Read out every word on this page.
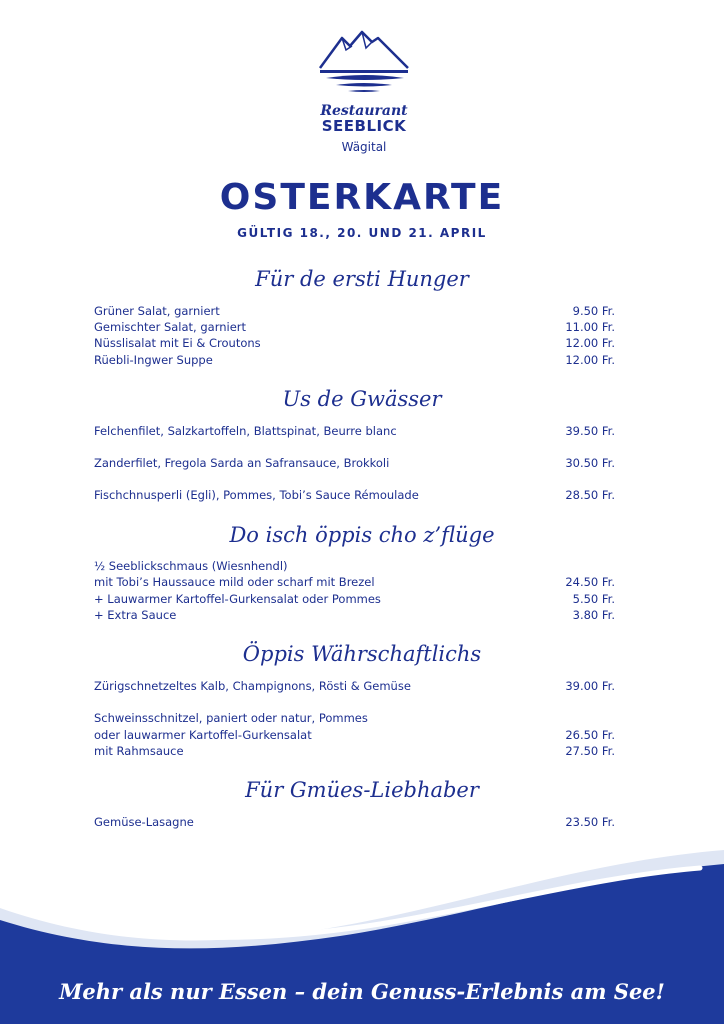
Restaurant
SEEBLICK
Wägital
OSTERKARTE
GÜLTIG 18., 20. UND 21. APRIL
Für de ersti Hunger
Grüner Salat, garniert	9.50 Fr.
Gemischter Salat, garniert	11.00 Fr.
Nüsslisalat mit Ei & Croutons	12.00 Fr.
Rüebli-Ingwer Suppe	12.00 Fr.
Us de Gwässer
Felchenfilet, Salzkartoffeln, Blattspinat, Beurre blanc	39.50 Fr.
Zanderfilet, Fregola Sarda an Safransauce, Brokkoli	30.50 Fr.
Fischchnusperli (Egli), Pommes, Tobi’s Sauce Rémoulade	28.50 Fr.
Do isch öppis cho z’flüge
½ Seeblickschmaus (Wiesnhendl)
mit Tobi’s Haussauce mild oder scharf mit Brezel	24.50 Fr.
+ Lauwarmer Kartoffel-Gurkensalat oder Pommes	5.50 Fr.
+ Extra Sauce	3.80 Fr.
Öppis Währschaftlichs
Zürigschnetzeltes Kalb, Champignons, Rösti & Gemüse	39.00 Fr.
Schweinsschnitzel, paniert oder natur, Pommes
oder lauwarmer Kartoffel-Gurkensalat	26.50 Fr.
mit Rahmsauce	27.50 Fr.
Für Gmües-Liebhaber
Gemüse-Lasagne	23.50 Fr.
Mehr als nur Essen – dein Genuss-Erlebnis am See!
